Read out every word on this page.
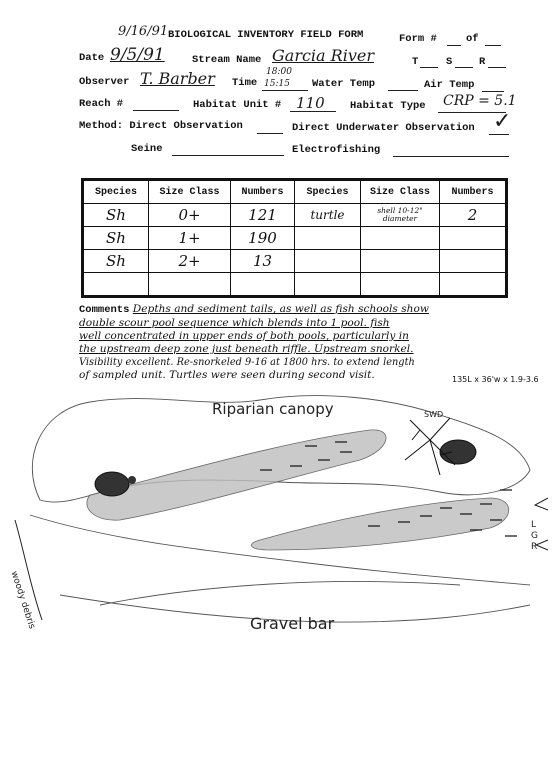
9/16/91 BIOLOGICAL INVENTORY FIELD FORM	Form #	of
Date 9/5/91	Stream Name Garcia River	T	S	R
Observer T. Barber Time
18:00
15:15 Water Temp	Air Temp
Reach #	Habitat Unit # 110 Habitat Type CRP = 5.1
Method: Direct Observation	Direct Underwater Observation ✓
Seine	Electrofishing
Species	Size Class	Numbers	Species	Size Class	Numbers
Sh	0+	121	turtle	shell 10-12" diameter	2
Sh	1+	190			
Sh	2+	13			

Comments Depths and sediment tails, as well as fish schools show
double scour pool sequence which blends into 1 pool. fish
well concentrated in upper ends of both pools, particularly in
the upstream deep zone just beneath riffle. Upstream snorkel.
Visibility excellent. Re-snorkeled 9-16 at 1800 hrs. to extend length
of sampled unit. Turtles were seen during second visit.	135L x 36'w x 1.9-3.6
Riparian canopy	SWD
woody debris	Gravel bar
L G R
